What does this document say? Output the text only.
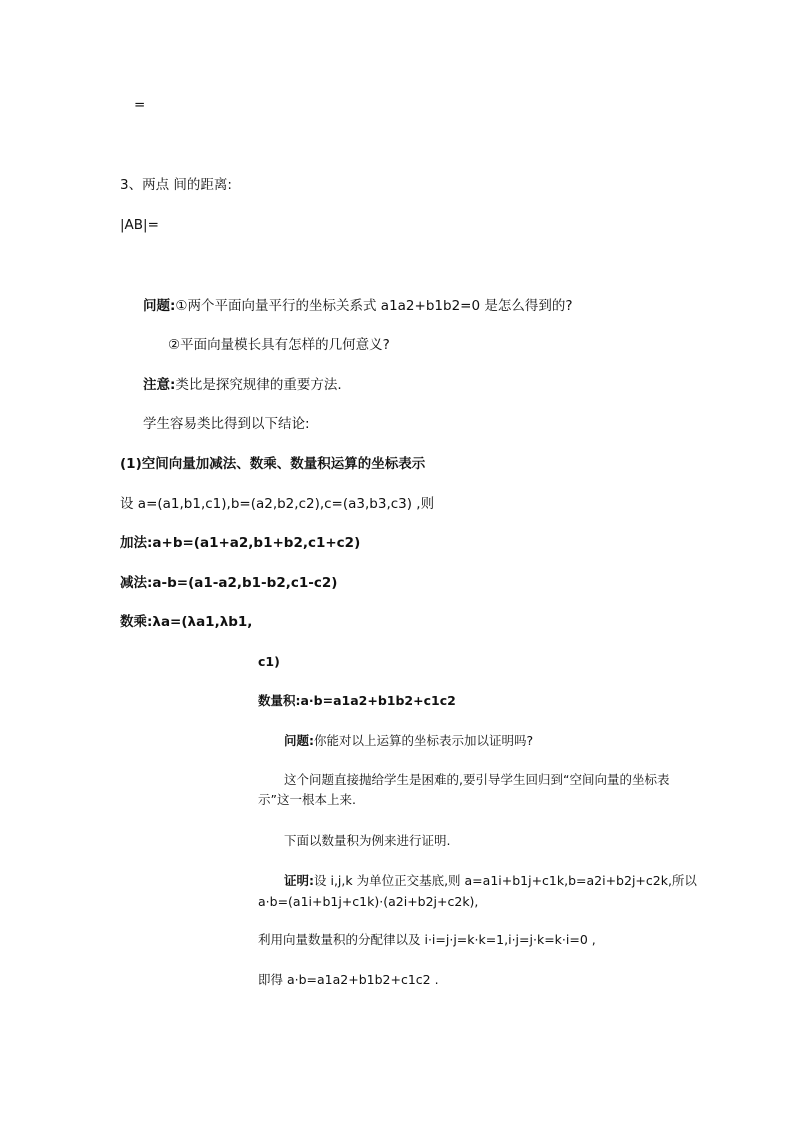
=
3、两点 间的距离:
|AB|=
问题:①两个平面向量平行的坐标关系式 a1a2+b1b2=0 是怎么得到的?
②平面向量模长具有怎样的几何意义?
注意:类比是探究规律的重要方法.
学生容易类比得到以下结论:
(1)空间向量加减法、数乘、数量积运算的坐标表示
设 a=(a1,b1,c1),b=(a2,b2,c2),c=(a3,b3,c3) ,则
加法:a+b=(a1+a2,b1+b2,c1+c2)
减法:a-b=(a1-a2,b1-b2,c1-c2)
数乘:λa=(λa1,λb1,
c1)
数量积:a·b=a1a2+b1b2+c1c2
问题:你能对以上运算的坐标表示加以证明吗?
这个问题直接抛给学生是困难的,要引导学生回归到“空间向量的坐标表示”这一根本上来.
下面以数量积为例来进行证明.
证明:设 i,j,k 为单位正交基底,则 a=a1i+b1j+c1k,b=a2i+b2j+c2k,所以
a·b=(a1i+b1j+c1k)·(a2i+b2j+c2k),
利用向量数量积的分配律以及 i·i=j·j=k·k=1,i·j=j·k=k·i=0 ,
即得 a·b=a1a2+b1b2+c1c2 .
